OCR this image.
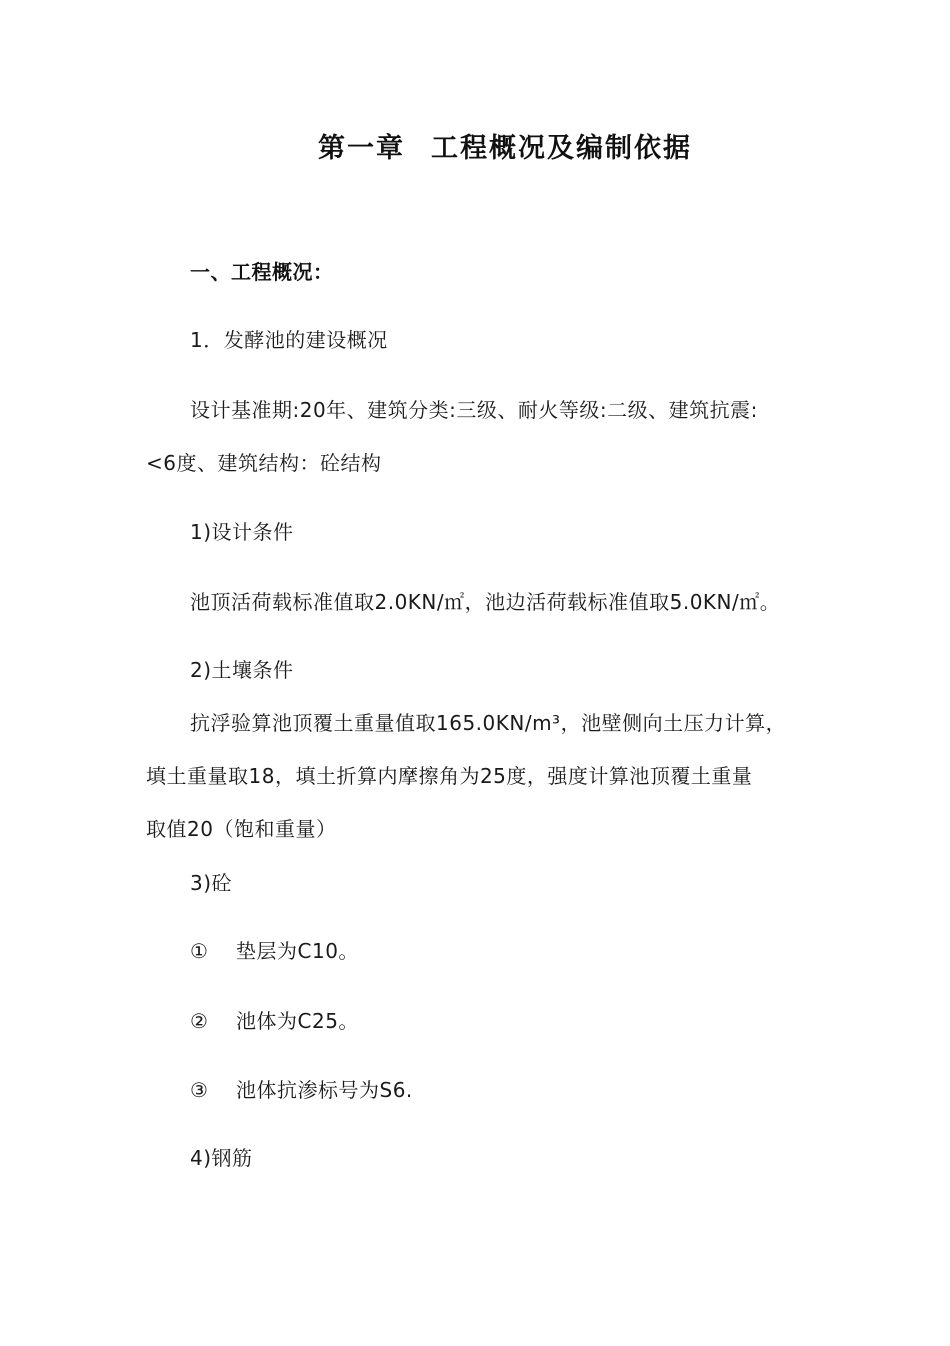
第一章 工程概况及编制依据
一、工程概况：
1．发酵池的建设概况
设计基准期:20年、建筑分类:三级、耐火等级:二级、建筑抗震:
<6度、建筑结构：砼结构
1)设计条件
池顶活荷载标准值取2.0KN/㎡，池边活荷载标准值取5.0KN/㎡。
2)土壤条件
抗浮验算池顶覆土重量值取165.0KN/m³，池壁侧向土压力计算，
填土重量取18，填土折算内摩擦角为25度，强度计算池顶覆土重量
取值20（饱和重量）
3)砼
① 垫层为C10。
② 池体为C25。
③ 池体抗渗标号为S6.
4)钢筋
